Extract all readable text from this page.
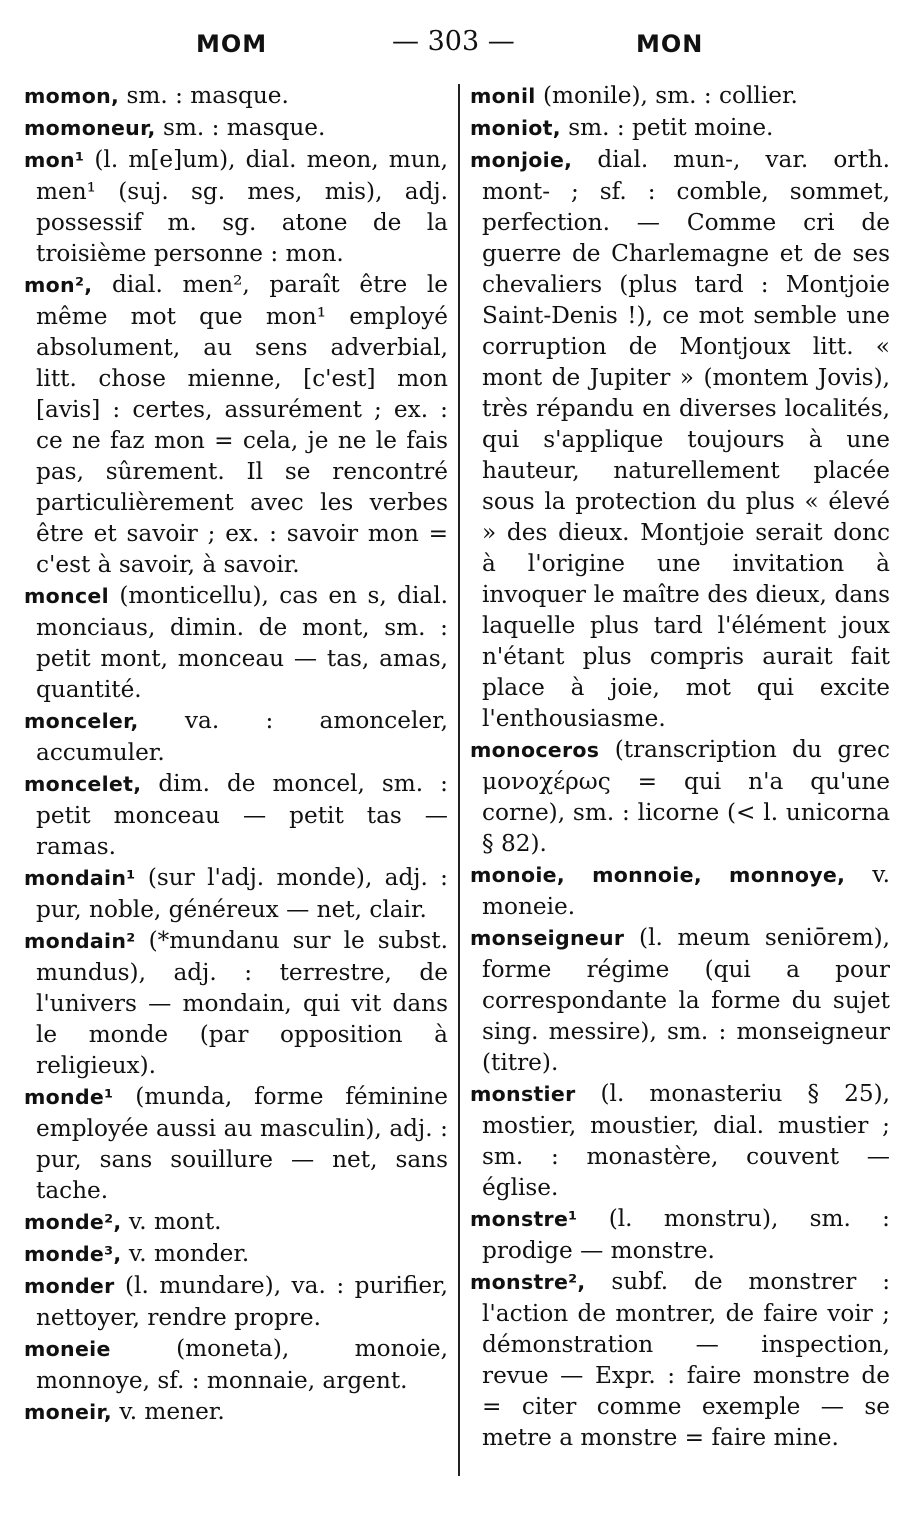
MOM	— 303 —	MON

momon, sm. : masque.

momoneur, sm. : masque.

mon¹ (l. m[e]um), dial. meon, mun, men¹ (suj. sg. mes, mis), adj. possessif m. sg. atone de la troisième personne : mon.

mon², dial. men², paraît être le même mot que mon¹ employé absolument, au sens adverbial, litt. chose mienne, [c'est] mon [avis] : certes, assurément ; ex. : ce ne faz mon = cela, je ne le fais pas, sûrement. Il se rencontré particulièrement avec les verbes être et savoir ; ex. : savoir mon = c'est à savoir, à savoir.

moncel (monticellu), cas en s, dial. monciaus, dimin. de mont, sm. : petit mont, monceau — tas, amas, quantité.

monceler, va. : amonceler, accumuler.

moncelet, dim. de moncel, sm. : petit monceau — petit tas — ramas.

mondain¹ (sur l'adj. monde), adj. : pur, noble, généreux — net, clair.

mondain² (*mundanu sur le subst. mundus), adj. : terrestre, de l'univers — mondain, qui vit dans le monde (par opposition à religieux).

monde¹ (munda, forme féminine employée aussi au masculin), adj. : pur, sans souillure — net, sans tache.

monde², v. mont.

monde³, v. monder.

monder (l. mundare), va. : purifier, nettoyer, rendre propre.

moneie	(moneta), monoie, monnoye, sf. : monnaie, argent.

moneir, v. mener.

monil (monile), sm. : collier.

moniot, sm. : petit moine.

monjoie, dial. mun-, var. orth. mont- ; sf. : comble, sommet, perfection. — Comme cri de guerre de Charlemagne et de ses chevaliers (plus tard : Montjoie Saint-Denis !), ce mot semble une corruption de Montjoux litt. « mont de Jupiter » (montem Jovis), très répandu en diverses localités, qui s'applique toujours à une hauteur, naturellement placée sous la protection du plus « élevé » des dieux. Montjoie serait donc à l'origine une invitation à invoquer le maître des dieux, dans laquelle plus tard l'élément joux n'étant plus compris aurait fait place à joie, mot qui excite l'enthousiasme.

monoceros (transcription du grec μονοχέρως = qui n'a qu'une corne), sm. : licorne (< l. unicorna § 82).

monoie, monnoie, monnoye, v. moneie.

monseigneur (l. meum seniōrem), forme régime (qui a pour correspondante la forme du sujet sing. messire), sm. : monseigneur (titre).

monstier (l. monasteriu § 25), mostier, moustier, dial. mustier ; sm. : monastère, couvent — église.

monstre¹ (l. monstru), sm. : prodige — monstre.

monstre², subf. de monstrer : l'action de montrer, de faire voir ; démonstration — inspection, revue — Expr. : faire monstre de = citer comme exemple — se metre a monstre = faire mine.
